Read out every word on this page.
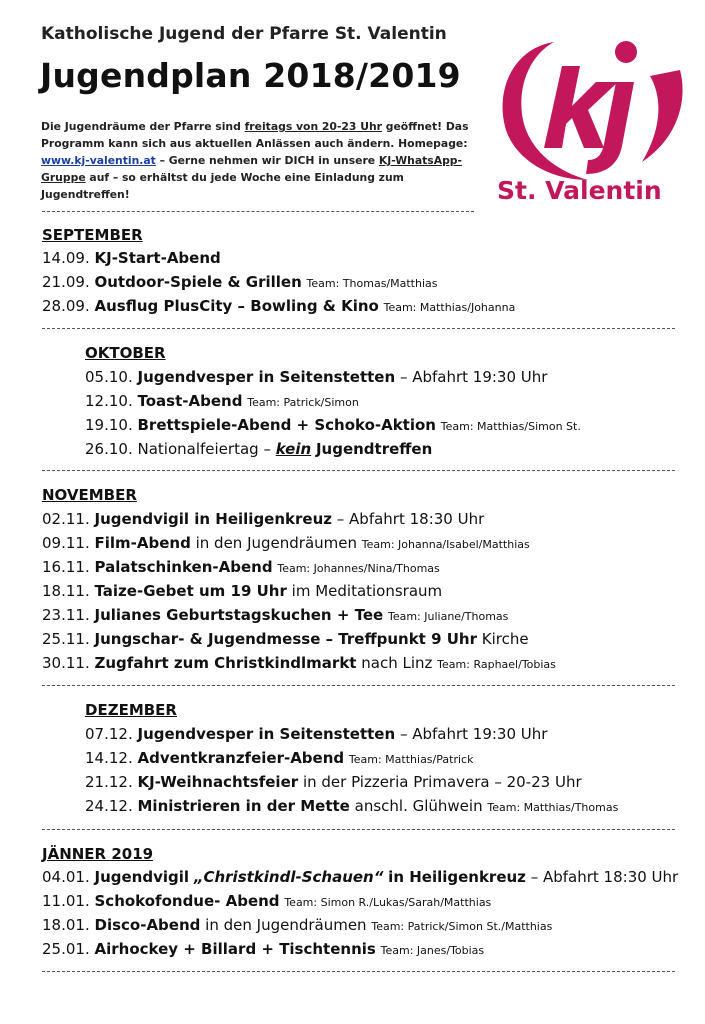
Katholische Jugend der Pfarre St. Valentin
Jugendplan 2018/2019
Die Jugendräume der Pfarre sind freitags von 20-23 Uhr geöffnet! Das Programm kann sich aus aktuellen Anlässen auch ändern. Homepage: www.kj-valentin.at – Gerne nehmen wir DICH in unsere KJ-WhatsApp-Gruppe auf – so erhältst du jede Woche eine Einladung zum Jugendtreffen!	St. Valentin
SEPTEMBER
14.09. KJ-Start-Abend
21.09. Outdoor-Spiele & Grillen Team: Thomas/Matthias
28.09. Ausflug PlusCity – Bowling & Kino Team: Matthias/Johanna
OKTOBER
05.10. Jugendvesper in Seitenstetten – Abfahrt 19:30 Uhr
12.10. Toast-Abend Team: Patrick/Simon
19.10. Brettspiele-Abend + Schoko-Aktion Team: Matthias/Simon St.
26.10. Nationalfeiertag – kein Jugendtreffen
NOVEMBER
02.11. Jugendvigil in Heiligenkreuz – Abfahrt 18:30 Uhr
09.11. Film-Abend in den Jugendräumen Team: Johanna/Isabel/Matthias
16.11. Palatschinken-Abend Team: Johannes/Nina/Thomas
18.11. Taize-Gebet um 19 Uhr im Meditationsraum
23.11. Julianes Geburtstagskuchen + Tee Team: Juliane/Thomas
25.11. Jungschar- & Jugendmesse – Treffpunkt 9 Uhr Kirche
30.11. Zugfahrt zum Christkindlmarkt nach Linz Team: Raphael/Tobias
DEZEMBER
07.12. Jugendvesper in Seitenstetten – Abfahrt 19:30 Uhr
14.12. Adventkranzfeier-Abend Team: Matthias/Patrick
21.12. KJ-Weihnachtsfeier in der Pizzeria Primavera – 20-23 Uhr
24.12. Ministrieren in der Mette anschl. Glühwein Team: Matthias/Thomas
JÄNNER 2019
04.01. Jugendvigil „Christkindl-Schauen“ in Heiligenkreuz – Abfahrt 18:30 Uhr
11.01. Schokofondue- Abend Team: Simon R./Lukas/Sarah/Matthias
18.01. Disco-Abend in den Jugendräumen Team: Patrick/Simon St./Matthias
25.01. Airhockey + Billard + Tischtennis Team: Janes/Tobias
